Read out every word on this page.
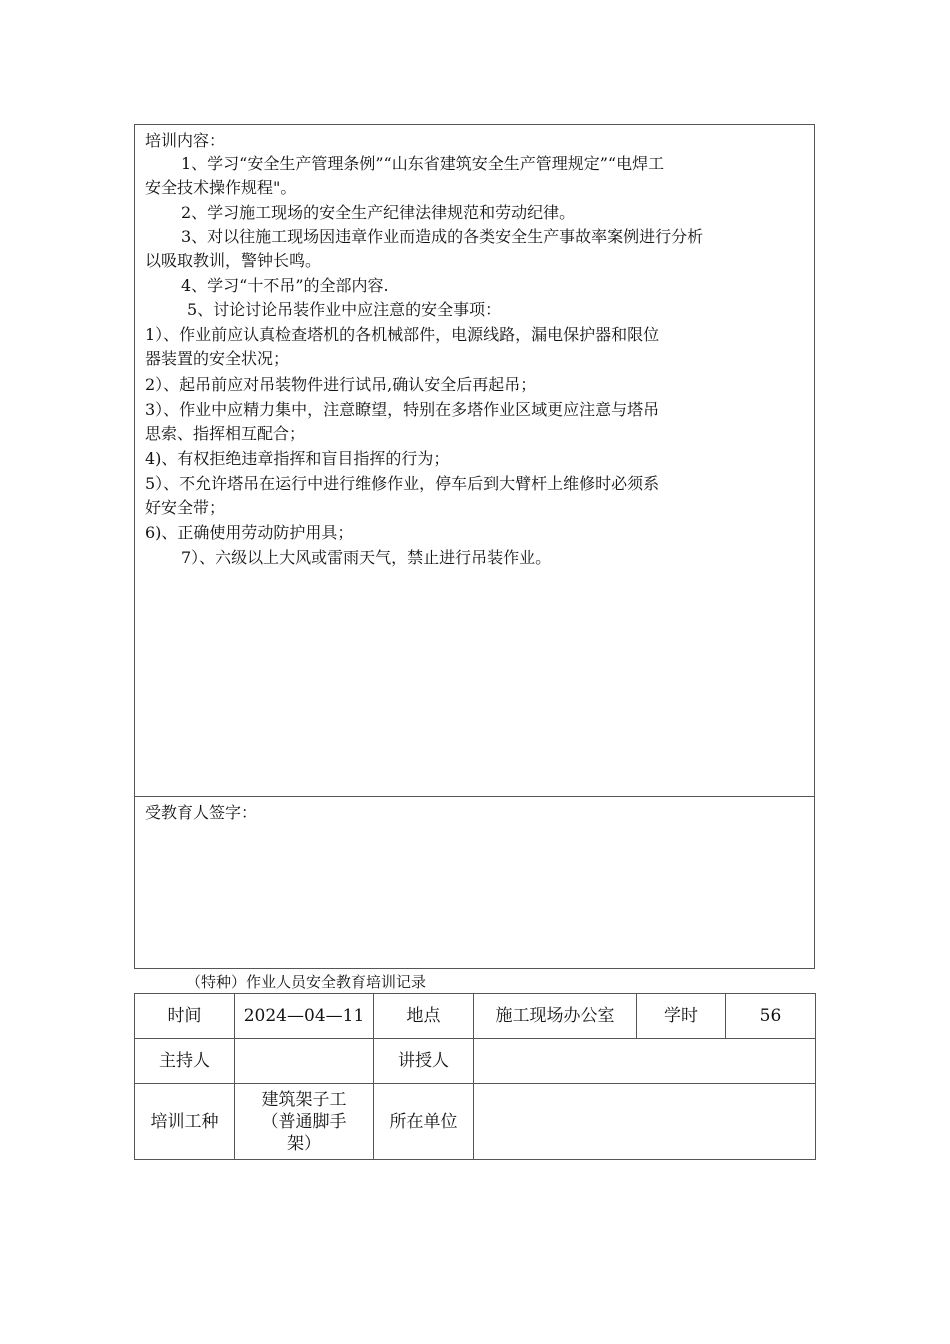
培训内容：
1、学习“安全生产管理条例”“山东省建筑安全生产管理规定”“电焊工
安全技术操作规程"。
2、学习施工现场的安全生产纪律法律规范和劳动纪律。
3、对以往施工现场因违章作业而造成的各类安全生产事故率案例进行分析
以吸取教训，警钟长鸣。
4、学习“十不吊”的全部内容.
5、讨论讨论吊装作业中应注意的安全事项：
1）、作业前应认真检查塔机的各机械部件，电源线路，漏电保护器和限位
器装置的安全状况；
2）、起吊前应对吊装物件进行试吊,确认安全后再起吊；
3）、作业中应精力集中，注意瞭望，特别在多塔作业区域更应注意与塔吊
思索、指挥相互配合；
4)、有权拒绝违章指挥和盲目指挥的行为；
5）、不允许塔吊在运行中进行维修作业，停车后到大臂杆上维修时必须系
好安全带；
6)、正确使用劳动防护用具；
7）、六级以上大风或雷雨天气，禁止进行吊装作业。
受教育人签字：
（特种）作业人员安全教育培训记录
时间	2024—04—11	地点	施工现场办公室	学时	56
主持人		讲授人			
培训工种	建筑架子工（普通脚手架）	所在单位			
